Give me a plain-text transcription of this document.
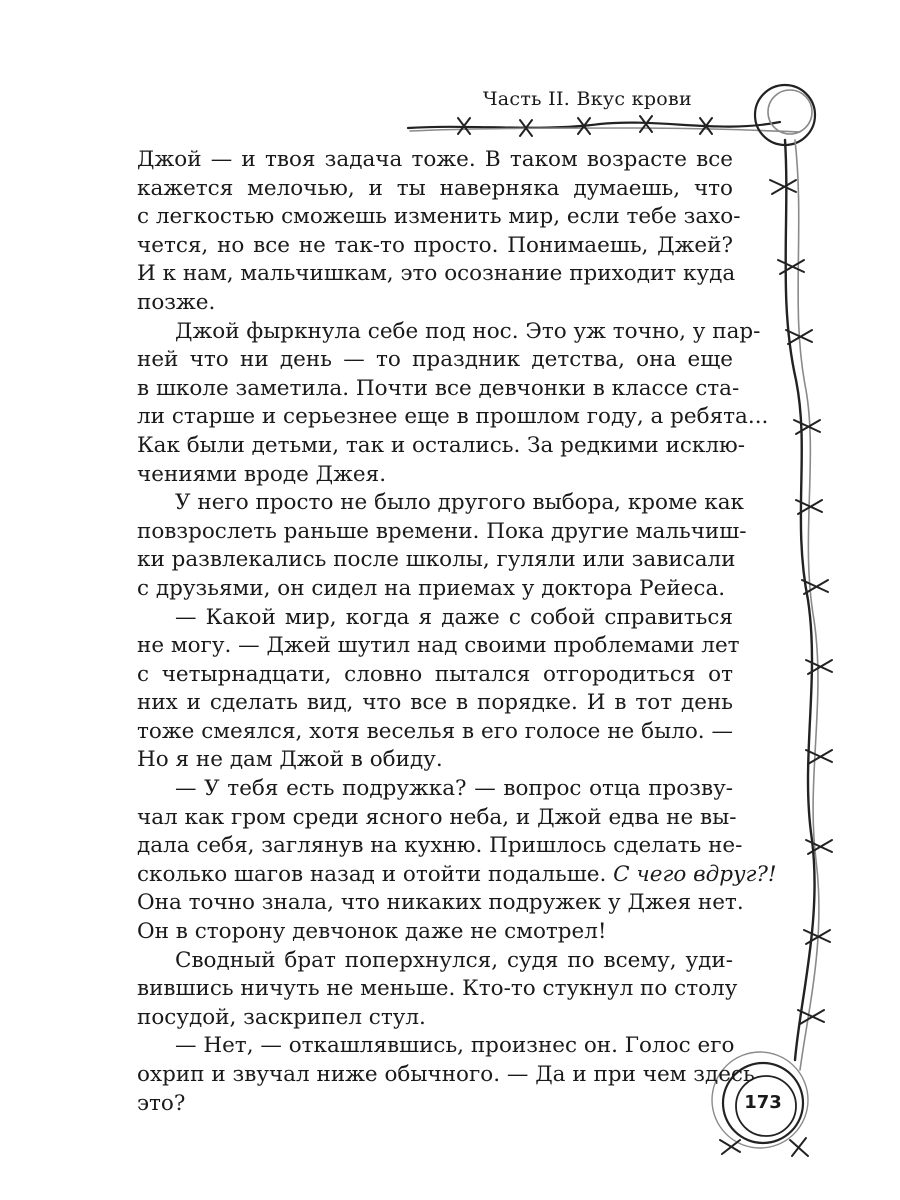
Часть II. Вкус крови
Джой — и твоя задача тоже. В таком возрасте все
кажется мелочью, и ты наверняка думаешь, что
с легкостью сможешь изменить мир, если тебе захо-
чется, но все не так-то просто. Понимаешь, Джей?
И к нам, мальчишкам, это осознание приходит куда
позже.
Джой фыркнула себе под нос. Это уж точно, у пар-
ней что ни день — то праздник детства, она еще
в школе заметила. Почти все девчонки в классе ста-
ли старше и серьезнее еще в прошлом году, а ребята...
Как были детьми, так и остались. За редкими исклю-
чениями вроде Джея.
У него просто не было другого выбора, кроме как
повзрослеть раньше времени. Пока другие мальчиш-
ки развлекались после школы, гуляли или зависали
с друзьями, он сидел на приемах у доктора Рейеса.
— Какой мир, когда я даже с собой справиться
не могу. — Джей шутил над своими проблемами лет
с четырнадцати, словно пытался отгородиться от
них и сделать вид, что все в порядке. И в тот день
тоже смеялся, хотя веселья в его голосе не было. —
Но я не дам Джой в обиду.
— У тебя есть подружка? — вопрос отца прозву-
чал как гром среди ясного неба, и Джой едва не вы-
дала себя, заглянув на кухню. Пришлось сделать не-
сколько шагов назад и отойти подальше. С чего вдруг?!
Она точно знала, что никаких подружек у Джея нет.
Он в сторону девчонок даже не смотрел!
Сводный брат поперхнулся, судя по всему, уди-
вившись ничуть не меньше. Кто-то стукнул по столу
посудой, заскрипел стул.
— Нет, — откашлявшись, произнес он. Голос его
охрип и звучал ниже обычного. — Да и при чем здесь
это?	173
